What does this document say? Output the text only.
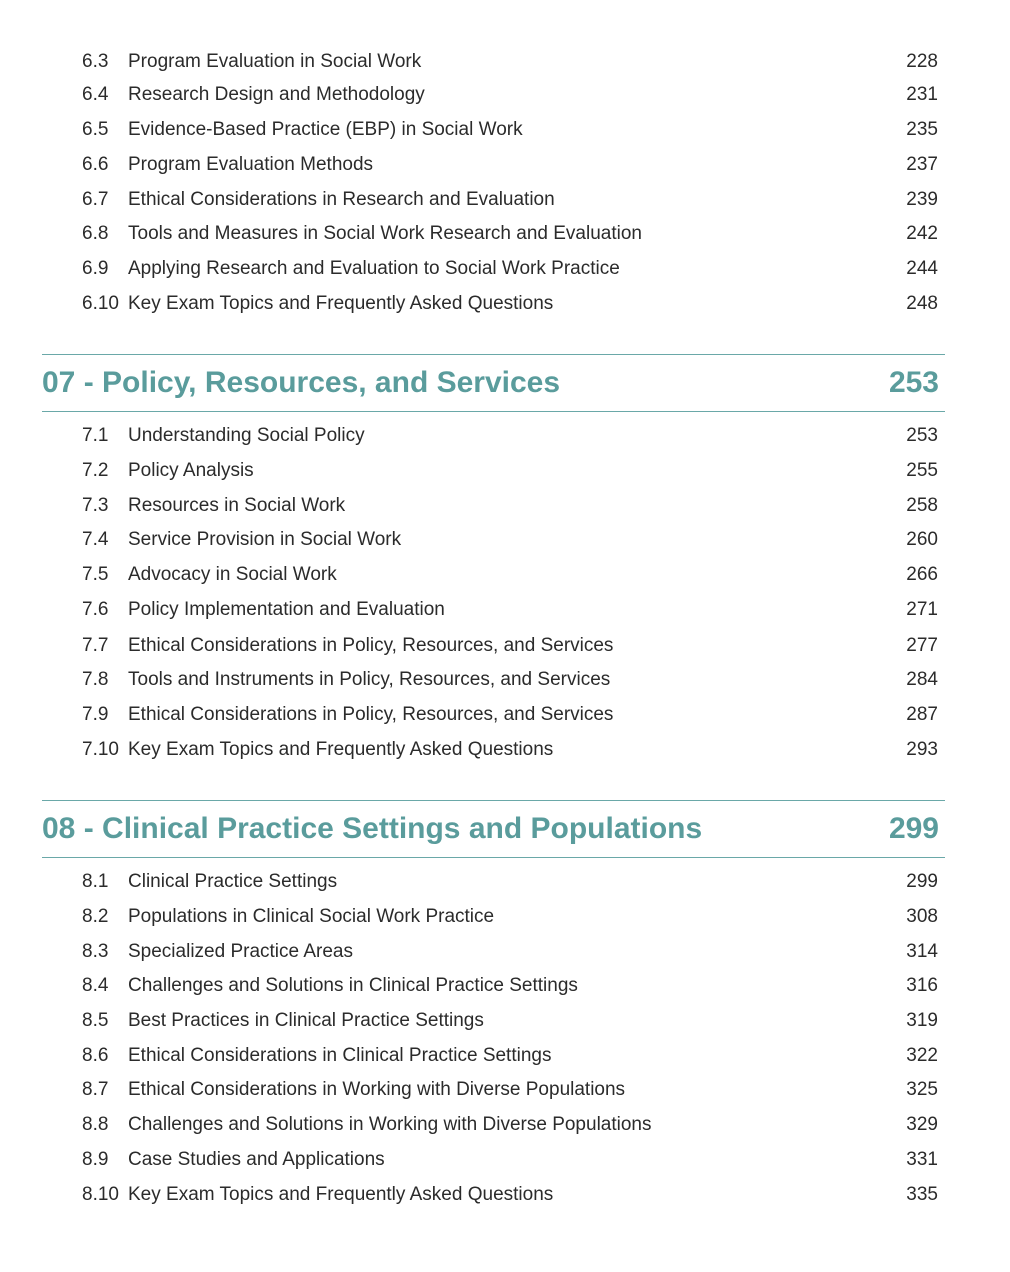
6.3 Program Evaluation in Social Work	228
6.4 Research Design and Methodology	231
6.5 Evidence-Based Practice (EBP) in Social Work	235
6.6 Program Evaluation Methods	237
6.7 Ethical Considerations in Research and Evaluation	239
6.8 Tools and Measures in Social Work Research and Evaluation	242
6.9 Applying Research and Evaluation to Social Work Practice	244
6.10 Key Exam Topics and Frequently Asked Questions	248
07 - Policy, Resources, and Services	253
7.1 Understanding Social Policy	253
7.2 Policy Analysis	255
7.3 Resources in Social Work	258
7.4 Service Provision in Social Work	260
7.5 Advocacy in Social Work	266
7.6 Policy Implementation and Evaluation	271
7.7 Ethical Considerations in Policy, Resources, and Services	277
7.8 Tools and Instruments in Policy, Resources, and Services	284
7.9 Ethical Considerations in Policy, Resources, and Services	287
7.10 Key Exam Topics and Frequently Asked Questions	293
08 - Clinical Practice Settings and Populations	299
8.1 Clinical Practice Settings	299
8.2 Populations in Clinical Social Work Practice	308
8.3 Specialized Practice Areas	314
8.4 Challenges and Solutions in Clinical Practice Settings	316
8.5 Best Practices in Clinical Practice Settings	319
8.6 Ethical Considerations in Clinical Practice Settings	322
8.7 Ethical Considerations in Working with Diverse Populations	325
8.8 Challenges and Solutions in Working with Diverse Populations	329
8.9 Case Studies and Applications	331
8.10 Key Exam Topics and Frequently Asked Questions	335
